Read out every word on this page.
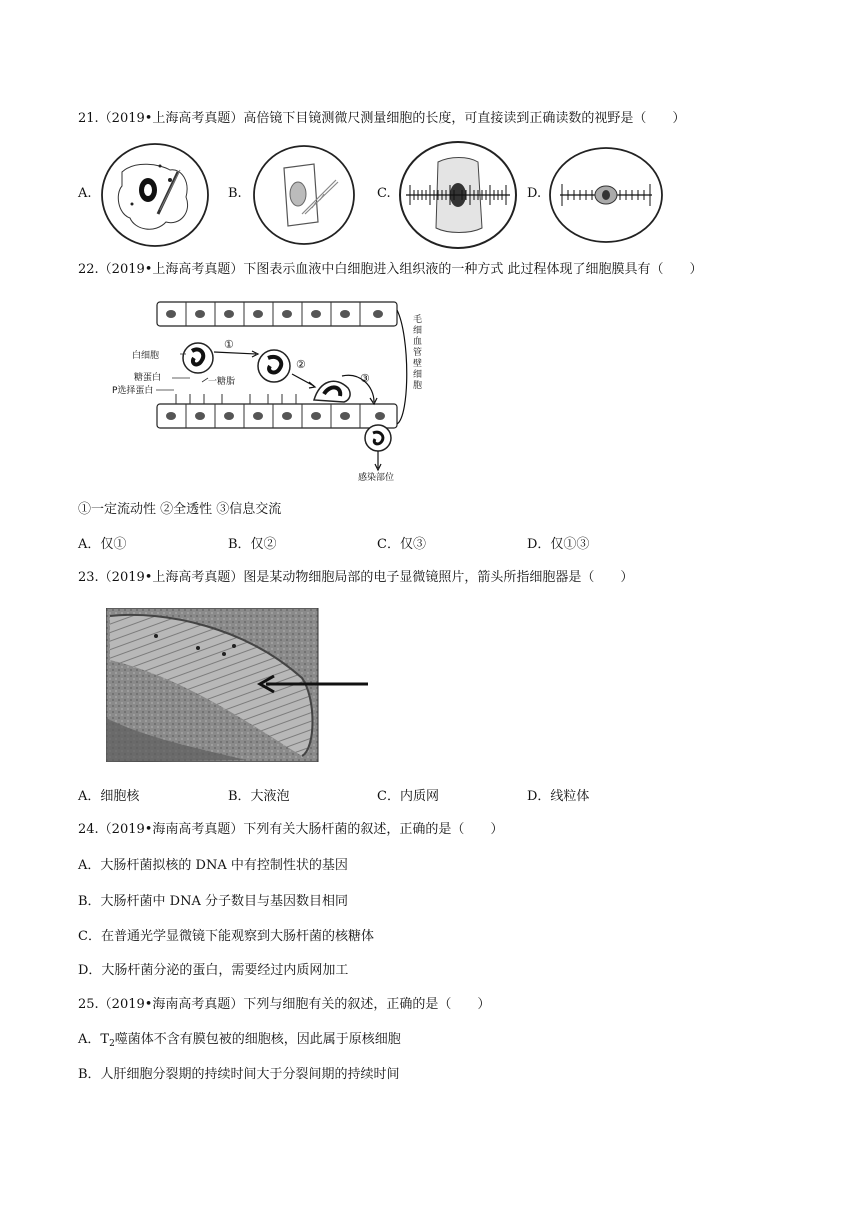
21.（2019•上海高考真题）高倍镜下目镜测微尺测量细胞的长度，可直接读到正确读数的视野是（　　）
A.	B.	C.	D.
22.（2019•上海高考真题）下图表示血液中白细胞进入组织液的一种方式 此过程体现了细胞膜具有（　　）
白细胞
糖蛋白	一糖脂
P选择蛋白
感染部位
①
②
③	毛细血管壁细胞
①一定流动性 ②全透性 ③信息交流
A．仅①	B．仅②	C．仅③	D．仅①③
23.（2019•上海高考真题）图是某动物细胞局部的电子显微镜照片，箭头所指细胞器是（　　）
A．细胞核	B．大液泡	C．内质网	D．线粒体
24.（2019•海南高考真题）下列有关大肠杆菌的叙述，正确的是（　　）
A．大肠杆菌拟核的 DNA 中有控制性状的基因
B．大肠杆菌中 DNA 分子数目与基因数目相同
C．在普通光学显微镜下能观察到大肠杆菌的核糖体
D．大肠杆菌分泌的蛋白，需要经过内质网加工
25.（2019•海南高考真题）下列与细胞有关的叙述，正确的是（　　）
A．$T_2$噬菌体不含有膜包被的细胞核，因此属于原核细胞
B．人肝细胞分裂期的持续时间大于分裂间期的持续时间
